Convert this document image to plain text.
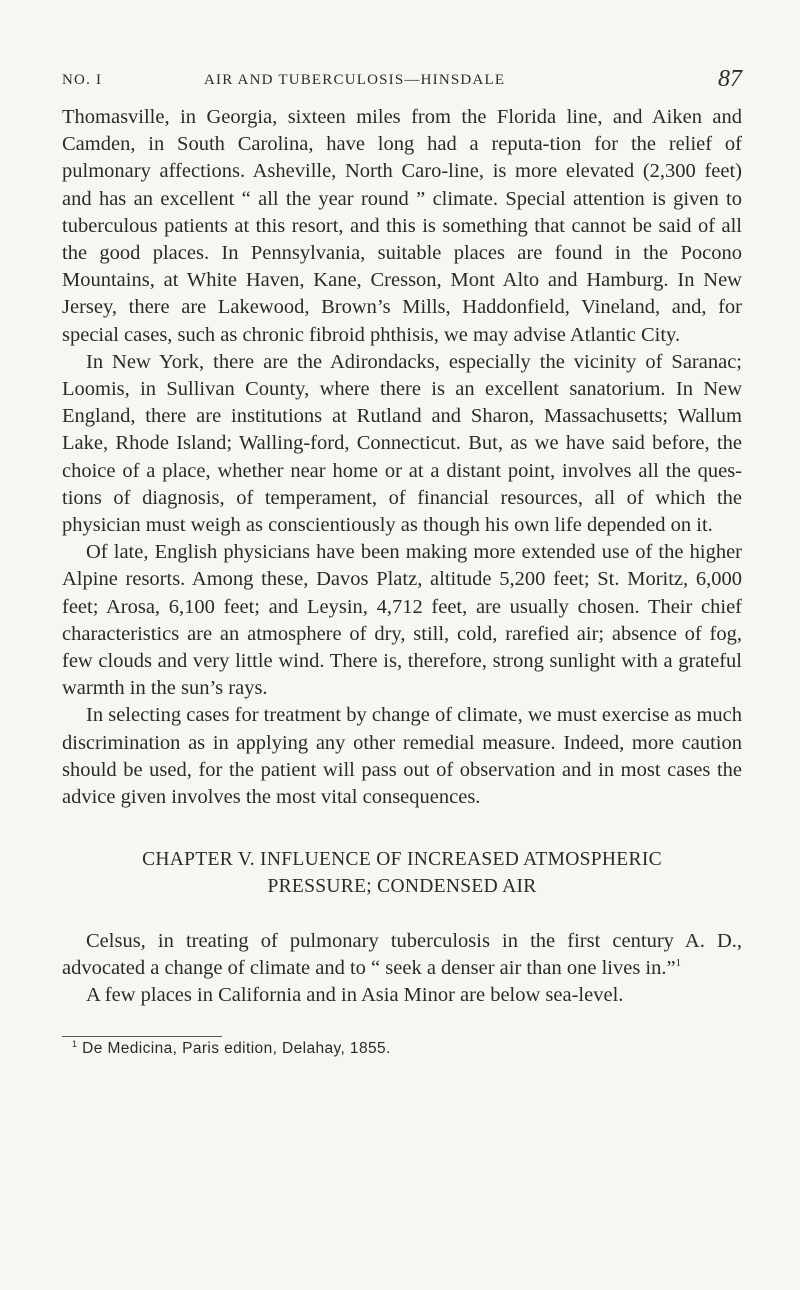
NO. I	AIR AND TUBERCULOSIS—HINSDALE	87

Thomasville, in Georgia, sixteen miles from the Florida line, and Aiken and Camden, in South Carolina, have long had a reputa-tion for the relief of pulmonary affections. Asheville, North Caro-line, is more elevated (2,300 feet) and has an excellent “ all the year round ” climate. Special attention is given to tuberculous patients at this resort, and this is something that cannot be said of all the good places. In Pennsylvania, suitable places are found in the Pocono Mountains, at White Haven, Kane, Cresson, Mont Alto and Hamburg. In New Jersey, there are Lakewood, Brown’s Mills, Haddonfield, Vineland, and, for special cases, such as chronic fibroid phthisis, we may advise Atlantic City.

In New York, there are the Adirondacks, especially the vicinity of Saranac; Loomis, in Sullivan County, where there is an excellent sanatorium. In New England, there are institutions at Rutland and Sharon, Massachusetts; Wallum Lake, Rhode Island; Walling-ford, Connecticut. But, as we have said before, the choice of a place, whether near home or at a distant point, involves all the ques-tions of diagnosis, of temperament, of financial resources, all of which the physician must weigh as conscientiously as though his own life depended on it.

Of late, English physicians have been making more extended use of the higher Alpine resorts. Among these, Davos Platz, altitude 5,200 feet; St. Moritz, 6,000 feet; Arosa, 6,100 feet; and Leysin, 4,712 feet, are usually chosen. Their chief characteristics are an atmosphere of dry, still, cold, rarefied air; absence of fog, few clouds and very little wind. There is, therefore, strong sunlight with a grateful warmth in the sun’s rays.

In selecting cases for treatment by change of climate, we must exercise as much discrimination as in applying any other remedial measure. Indeed, more caution should be used, for the patient will pass out of observation and in most cases the advice given involves the most vital consequences.

CHAPTER V. INFLUENCE OF INCREASED ATMOSPHERIC
PRESSURE; CONDENSED AIR

Celsus, in treating of pulmonary tuberculosis in the first century A. D., advocated a change of climate and to “ seek a denser air than one lives in.”$^1$

A few places in California and in Asia Minor are below sea-level.

$^1$ De Medicina, Paris edition, Delahay, 1855.
